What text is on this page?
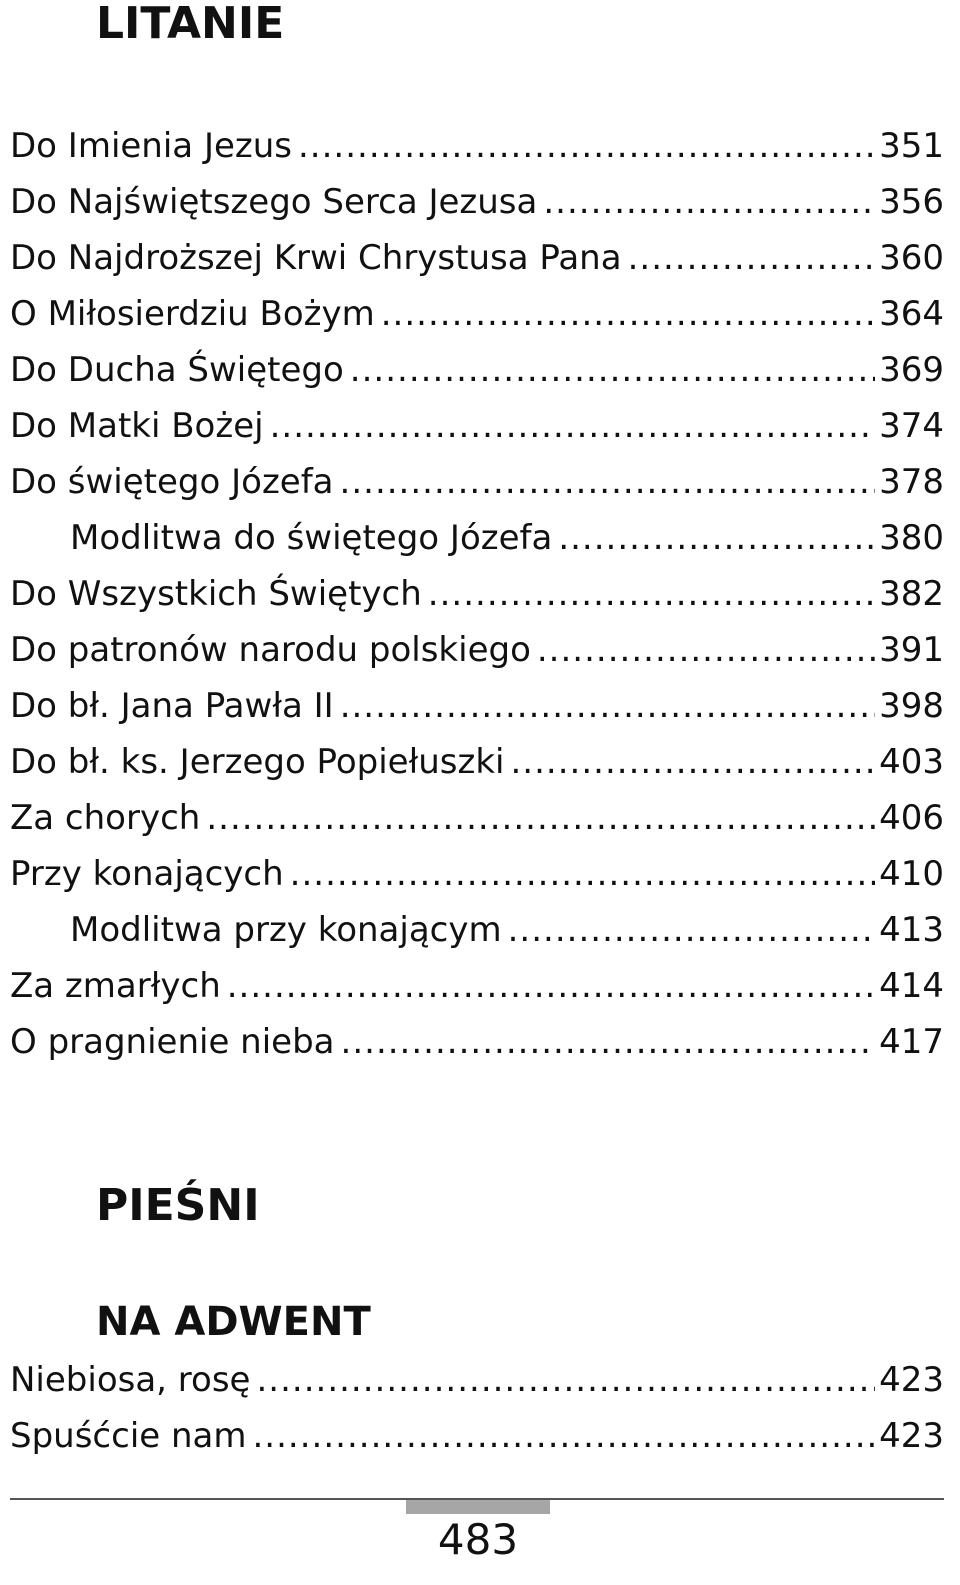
LITANIE
Do Imienia Jezus .....	351
Do Najświętszego Serca Jezusa .....	356
Do Najdroższej Krwi Chrystusa Pana .....	360
O Miłosierdziu Bożym .....	364
Do Ducha Świętego .....	369
Do Matki Bożej .....	374
Do świętego Józefa .....	378
Modlitwa do świętego Józefa .....	380
Do Wszystkich Świętych .....	382
Do patronów narodu polskiego .....	391
Do bł. Jana Pawła II .....	398
Do bł. ks. Jerzego Popiełuszki .....	403
Za chorych .....	406
Przy konających .....	410
Modlitwa przy konającym .....	413
Za zmarłych .....	414
O pragnienie nieba .....	417
PIEŚNI
NA ADWENT
Niebiosa, rosę .....	423
Spuśćcie nam .....	423
483
